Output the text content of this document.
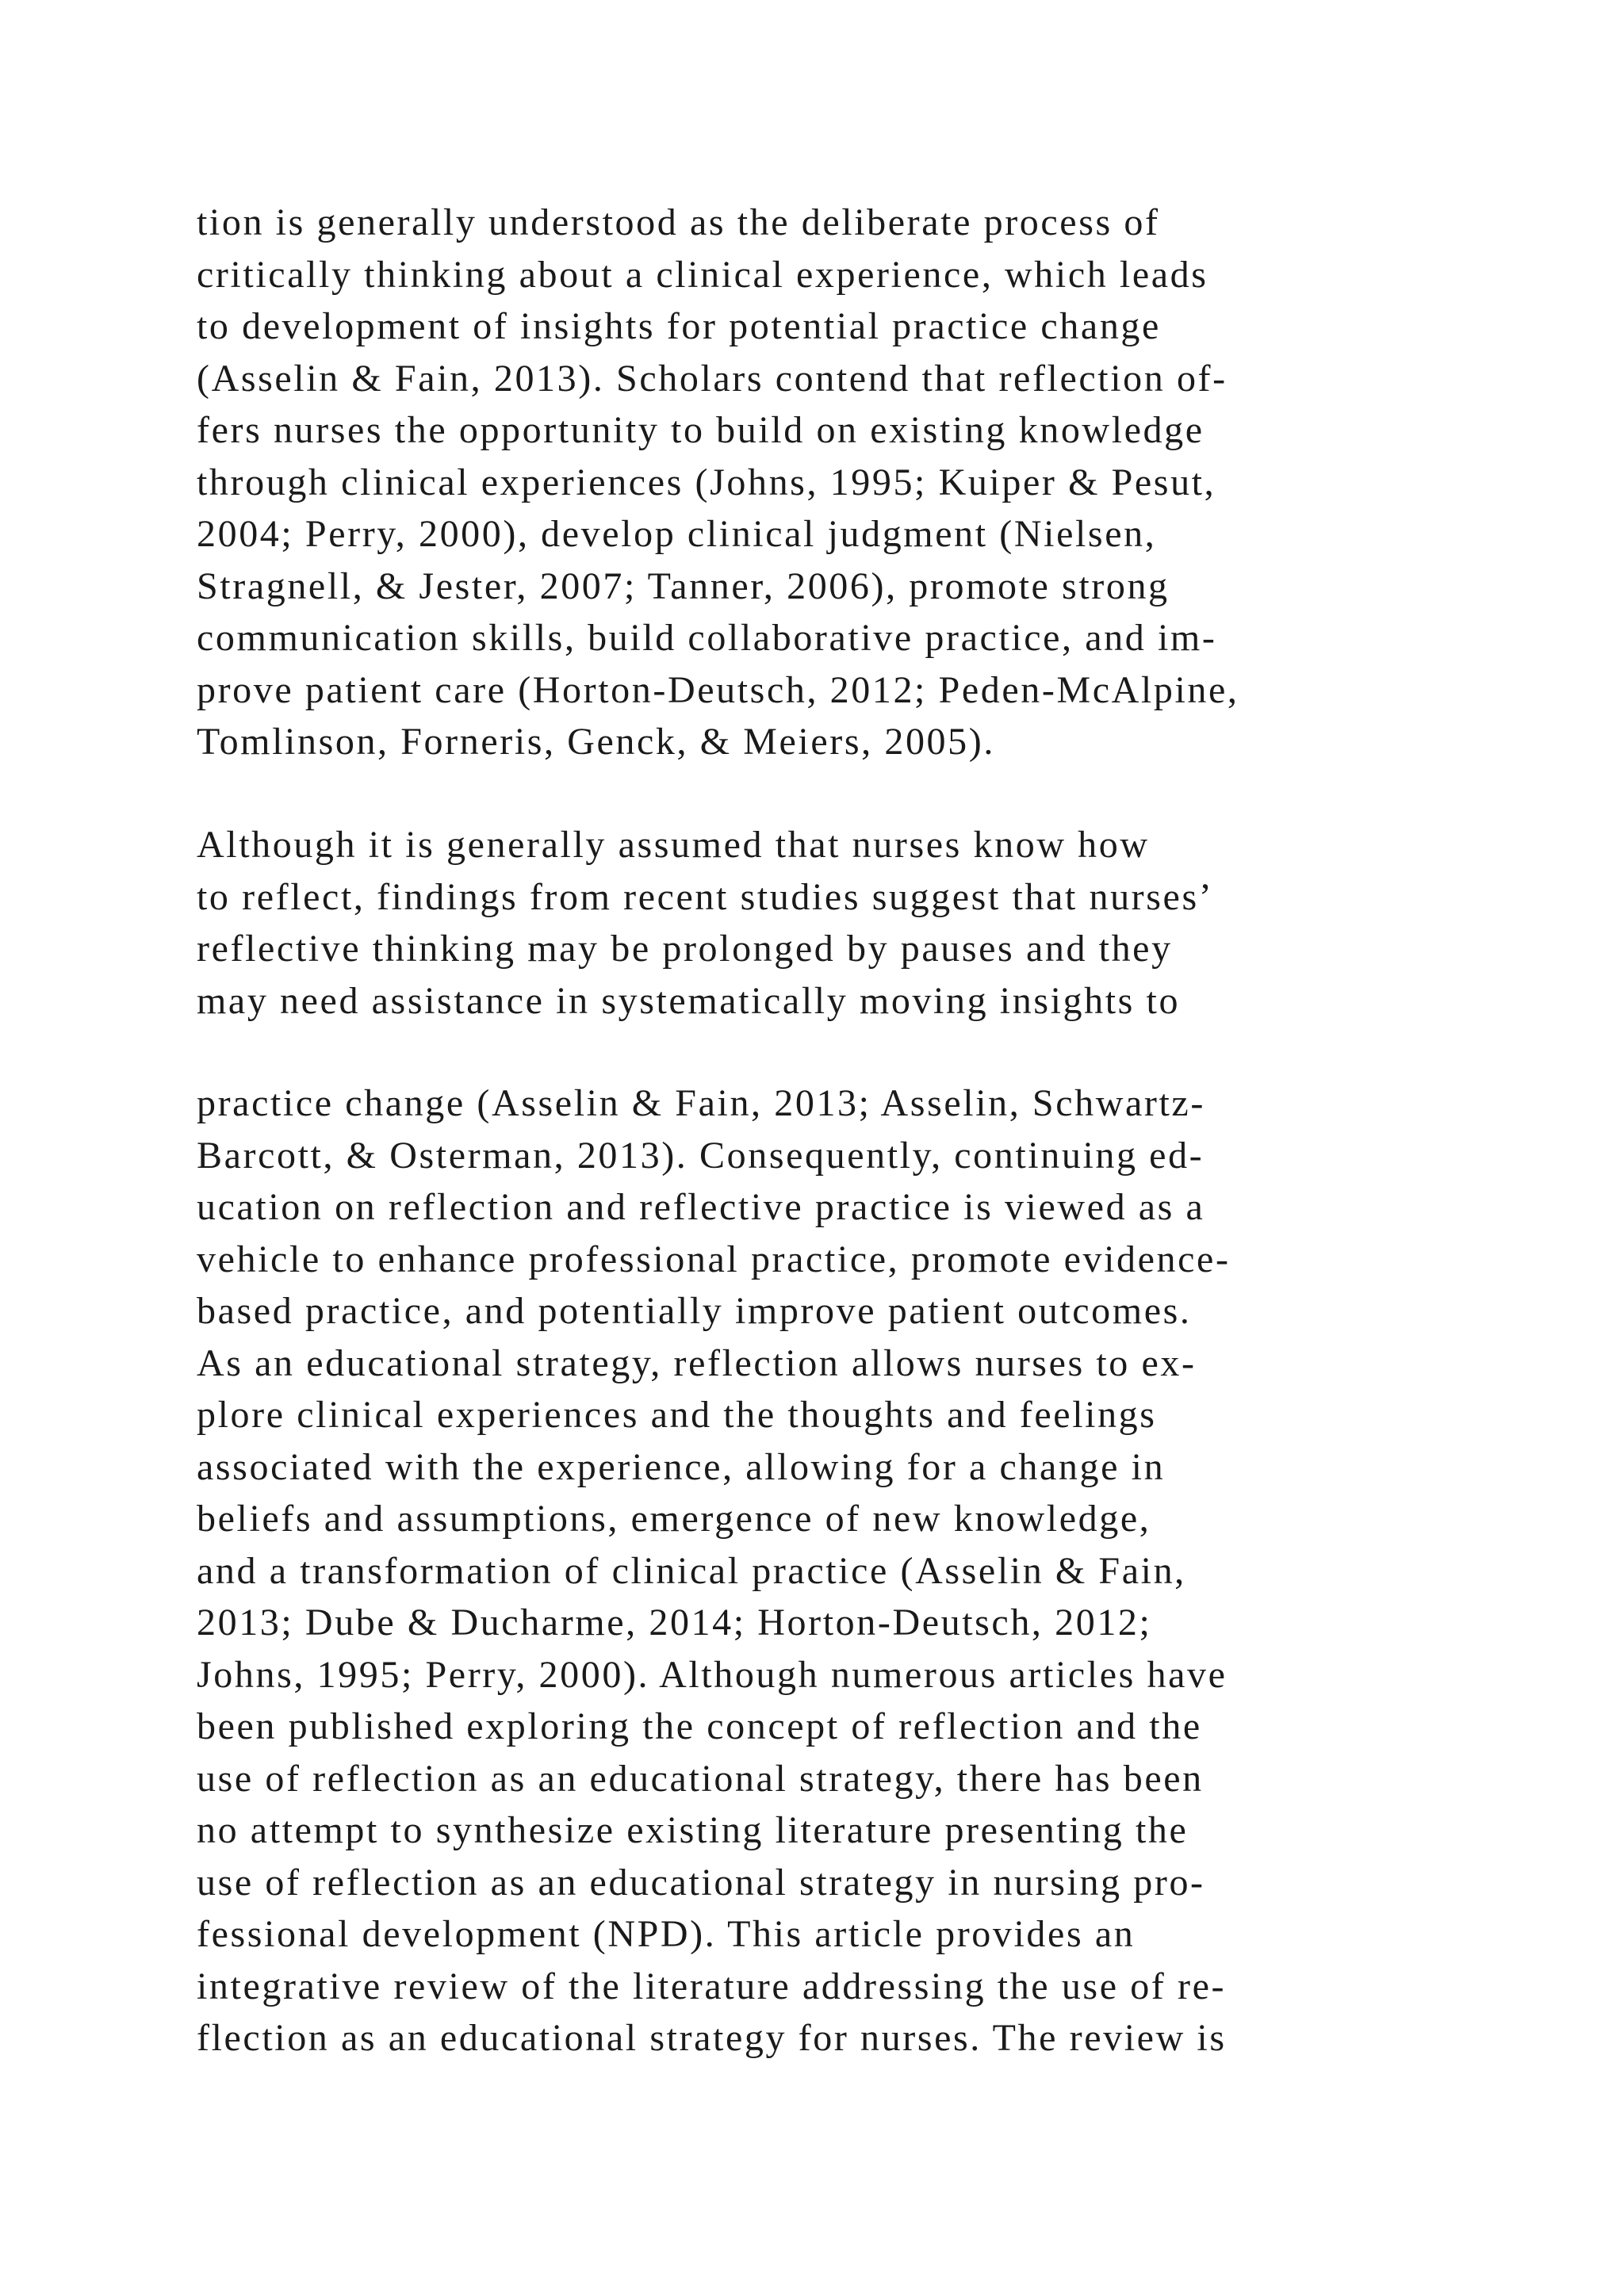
tion is generally understood as the deliberate process of
critically thinking about a clinical experience, which leads
to development of insights for potential practice change
(Asselin & Fain, 2013). Scholars contend that reflection of-
fers nurses the opportunity to build on existing knowledge
through clinical experiences (Johns, 1995; Kuiper & Pesut,
2004; Perry, 2000), develop clinical judgment (Nielsen,
Stragnell, & Jester, 2007; Tanner, 2006), promote strong
communication skills, build collaborative practice, and im-
prove patient care (Horton-Deutsch, 2012; Peden-McAlpine,
Tomlinson, Forneris, Genck, & Meiers, 2005).
Although it is generally assumed that nurses know how
to reflect, findings from recent studies suggest that nurses’
reflective thinking may be prolonged by pauses and they
may need assistance in systematically moving insights to
practice change (Asselin & Fain, 2013; Asselin, Schwartz-
Barcott, & Osterman, 2013). Consequently, continuing ed-
ucation on reflection and reflective practice is viewed as a
vehicle to enhance professional practice, promote evidence-
based practice, and potentially improve patient outcomes.
As an educational strategy, reflection allows nurses to ex-
plore clinical experiences and the thoughts and feelings
associated with the experience, allowing for a change in
beliefs and assumptions, emergence of new knowledge,
and a transformation of clinical practice (Asselin & Fain,
2013; Dube & Ducharme, 2014; Horton-Deutsch, 2012;
Johns, 1995; Perry, 2000). Although numerous articles have
been published exploring the concept of reflection and the
use of reflection as an educational strategy, there has been
no attempt to synthesize existing literature presenting the
use of reflection as an educational strategy in nursing pro-
fessional development (NPD). This article provides an
integrative review of the literature addressing the use of re-
flection as an educational strategy for nurses. The review is
